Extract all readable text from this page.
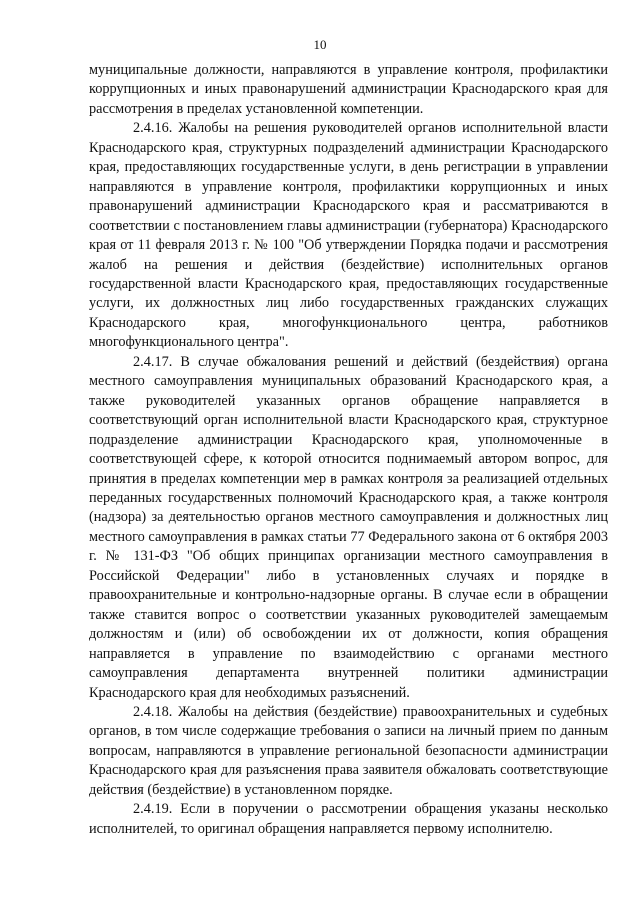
10

муниципальные должности, направляются в управление контроля, профилактики коррупционных и иных правонарушений администрации Краснодарского края для рассмотрения в пределах установленной компетенции.

2.4.16. Жалобы на решения руководителей органов исполнительной власти Краснодарского края, структурных подразделений администрации Краснодарского края, предоставляющих государственные услуги, в день регистрации в управлении направляются в управление контроля, профилактики коррупционных и иных правонарушений администрации Краснодарского края и рассматриваются в соответствии с постановлением главы администрации (губернатора) Краснодарского края от 11 февраля 2013 г. № 100 "Об утверждении Порядка подачи и рассмотрения жалоб на решения и действия (бездействие) исполнительных органов государственной власти Краснодарского края, предоставляющих государственные услуги, их должностных лиц либо государственных гражданских служащих Краснодарского края, многофункционального центра, работников многофункционального центра".

2.4.17. В случае обжалования решений и действий (бездействия) органа местного самоуправления муниципальных образований Краснодарского края, а также руководителей указанных органов обращение направляется в соответствующий орган исполнительной власти Краснодарского края, структурное подразделение администрации Краснодарского края, уполномоченные в соответствующей сфере, к которой относится поднимаемый автором вопрос, для принятия в пределах компетенции мер в рамках контроля за реализацией отдельных переданных государственных полномочий Краснодарского края, а также контроля (надзора) за деятельностью органов местного самоуправления и должностных лиц местного самоуправления в рамках статьи 77 Федерального закона от 6 октября 2003 г. № 131-ФЗ "Об общих принципах организации местного самоуправления в Российской Федерации" либо в установленных случаях и порядке в правоохранительные и контрольно-надзорные органы. В случае если в обращении также ставится вопрос о соответствии указанных руководителей замещаемым должностям и (или) об освобождении их от должности, копия обращения направляется в управление по взаимодействию с органами местного самоуправления департамента внутренней политики администрации Краснодарского края для необходимых разъяснений.

2.4.18. Жалобы на действия (бездействие) правоохранительных и судебных органов, в том числе содержащие требования о записи на личный прием по данным вопросам, направляются в управление региональной безопасности администрации Краснодарского края для разъяснения права заявителя обжаловать соответствующие действия (бездействие) в установленном порядке.

2.4.19. Если в поручении о рассмотрении обращения указаны несколько исполнителей, то оригинал обращения направляется первому исполнителю.
